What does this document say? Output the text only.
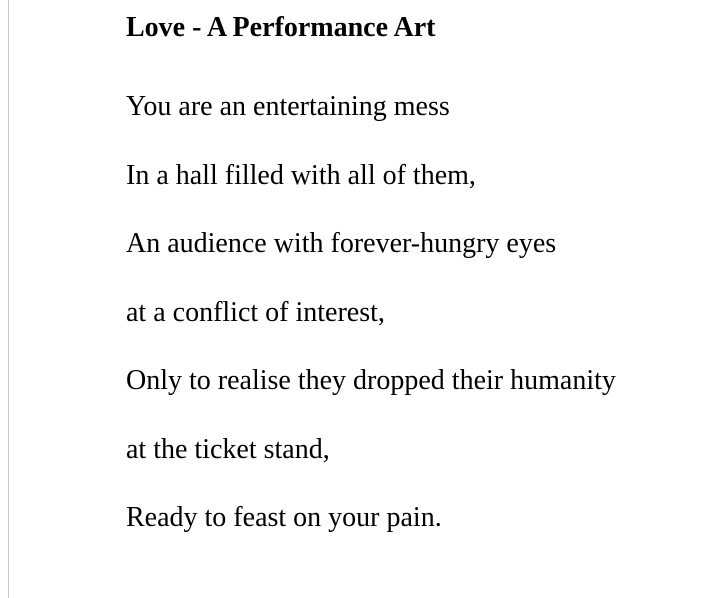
Love - A Performance Art
You are an entertaining mess
In a hall filled with all of them,
An audience with forever-hungry eyes
at a conflict of interest,
Only to realise they dropped their humanity
at the ticket stand,
Ready to feast on your pain.
